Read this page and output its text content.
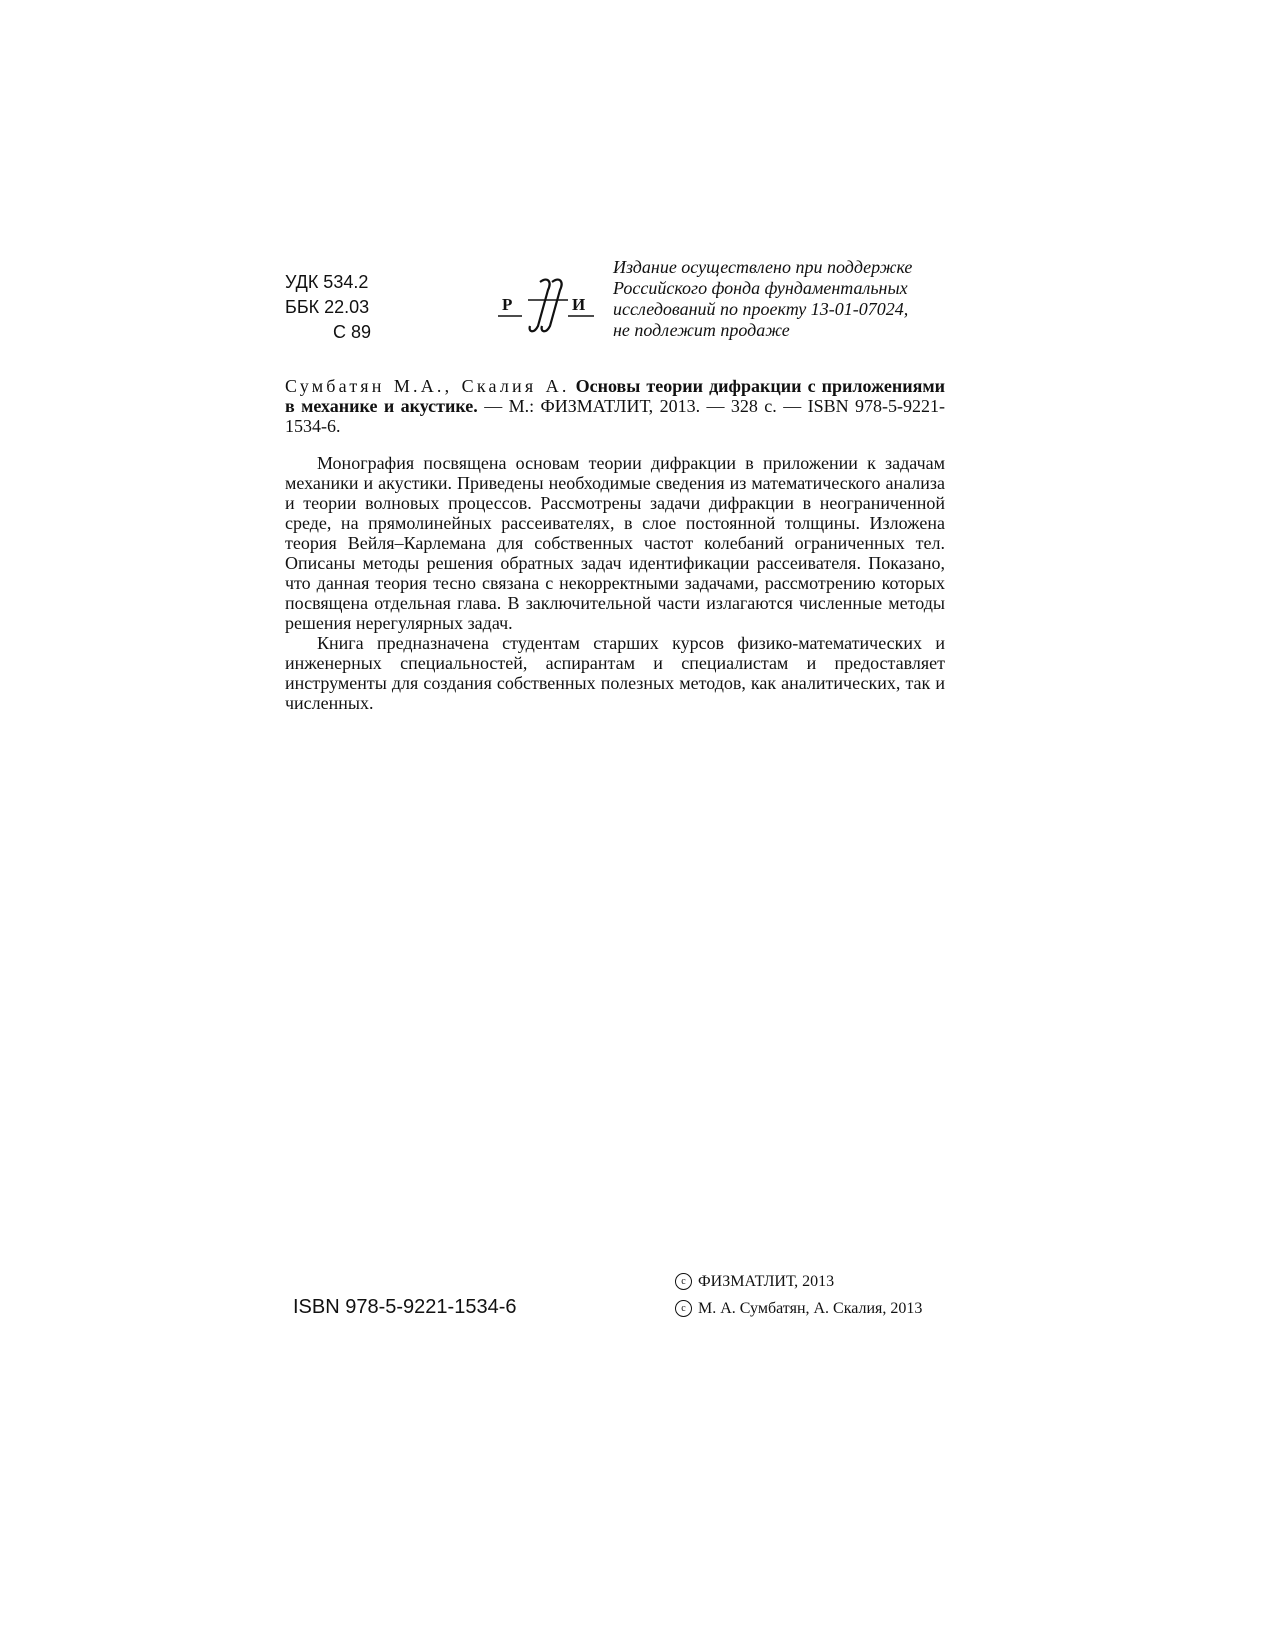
УДК 534.2
ББК 22.03
С 89
Р	И
Издание осуществлено при поддержке
Российского фонда фундаментальных
исследований по проекту 13-01-07024,
не подлежит продаже
Сумбатян М.А., Скалия А. Основы теории дифракции с приложениями в механике и акустике. — М.: ФИЗМАТЛИТ, 2013. — 328 с. — ISBN 978-5-9221-1534-6.

Монография посвящена основам теории дифракции в приложении к задачам механики и акустики. Приведены необходимые сведения из математического анализа и теории волновых процессов. Рассмотрены задачи дифракции в неограниченной среде, на прямолинейных рассеивателях, в слое постоянной толщины. Изложена теория Вейля–Карлемана для собственных частот колебаний ограниченных тел. Описаны методы решения обратных задач идентификации рассеивателя. Показано, что данная теория тесно связана с некорректными задачами, рассмотрению которых посвящена отдельная глава. В заключительной части излагаются численные методы решения нерегулярных задач.

Книга предназначена студентам старших курсов физико-математических и инженерных специальностей, аспирантам и специалистам и предоставляет инструменты для создания собственных полезных методов, как аналитических, так и численных.

ISBN 978-5-9221-1534-6
c ФИЗМАТЛИТ, 2013
c М. А. Сумбатян, А. Скалия, 2013
